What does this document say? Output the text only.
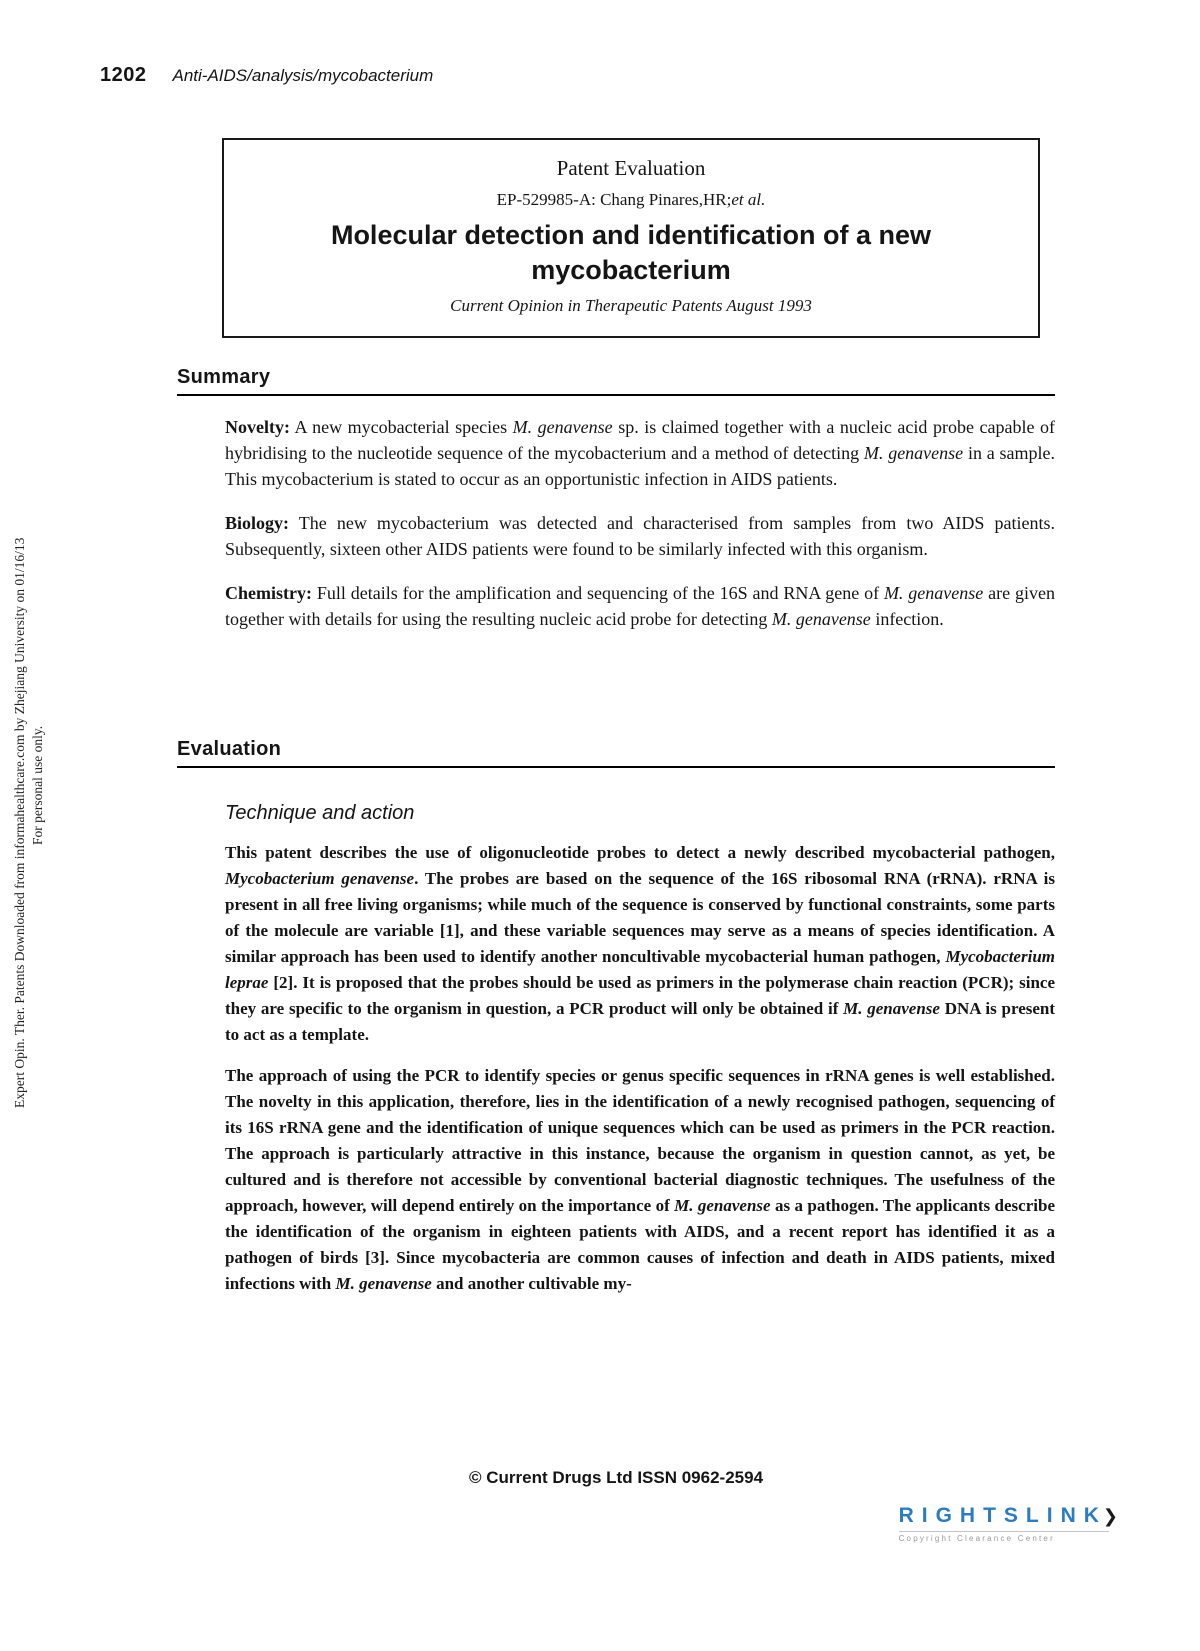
Expert Opin. Ther. Patents Downloaded from informahealthcare.com by Zhejiang University on 01/16/13 For personal use only.
1202 Anti-AIDS/analysis/mycobacterium
Patent Evaluation
EP-529985-A: Chang Pinares,HR;et al.
Molecular detection and identification of a new mycobacterium
Current Opinion in Therapeutic Patents August 1993
Summary

Novelty: A new mycobacterial species M. genavense sp. is claimed together with a nucleic acid probe capable of hybridising to the nucleotide sequence of the mycobacterium and a method of detecting M. genavense in a sample. This mycobacterium is stated to occur as an opportunistic infection in AIDS patients.

Biology: The new mycobacterium was detected and characterised from samples from two AIDS patients. Subsequently, sixteen other AIDS patients were found to be similarly infected with this organism.

Chemistry: Full details for the amplification and sequencing of the 16S and RNA gene of M. genavense are given together with details for using the resulting nucleic acid probe for detecting M. genavense infection.

Evaluation
Technique and action

This patent describes the use of oligonucleotide probes to detect a newly described mycobacterial pathogen, Mycobacterium genavense. The probes are based on the sequence of the 16S ribosomal RNA (rRNA). rRNA is present in all free living organisms; while much of the sequence is conserved by functional constraints, some parts of the molecule are variable [1], and these variable sequences may serve as a means of species identification. A similar approach has been used to identify another noncultivable mycobacterial human pathogen, Mycobacterium leprae [2]. It is proposed that the probes should be used as primers in the polymerase chain reaction (PCR); since they are specific to the organism in question, a PCR product will only be obtained if M. genavense DNA is present to act as a template.

The approach of using the PCR to identify species or genus specific sequences in rRNA genes is well established. The novelty in this application, therefore, lies in the identification of a newly recognised pathogen, sequencing of its 16S rRNA gene and the identification of unique sequences which can be used as primers in the PCR reaction. The approach is particularly attractive in this instance, because the organism in question cannot, as yet, be cultured and is therefore not accessible by conventional bacterial diagnostic techniques. The usefulness of the approach, however, will depend entirely on the importance of M. genavense as a pathogen. The applicants describe the identification of the organism in eighteen patients with AIDS, and a recent report has identified it as a pathogen of birds [3]. Since mycobacteria are common causes of infection and death in AIDS patients, mixed infections with M. genavense and another cultivable my-

© Current Drugs Ltd ISSN 0962-2594
RIGHTSLINK❯
Copyright Clearance Center
